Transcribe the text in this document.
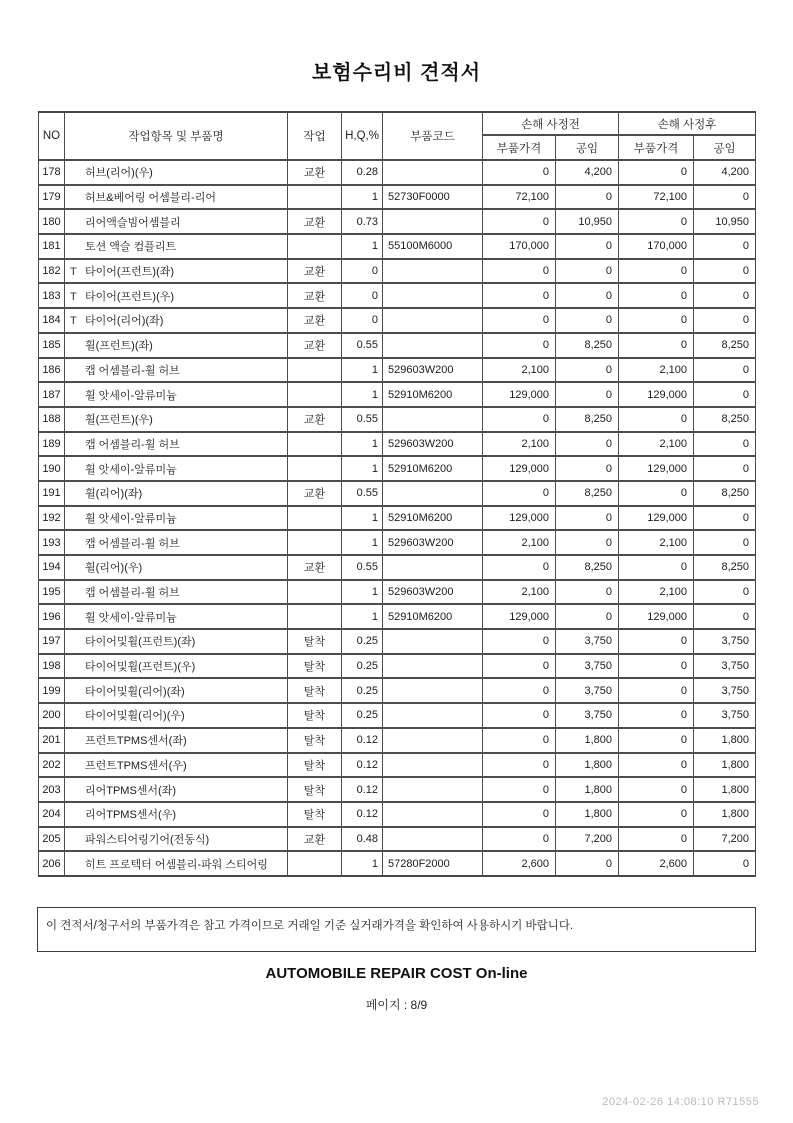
보험수리비 견적서
NO	작업항목 및 부품명	작업	H,Q,%	부품코드	손해 사정전		손해 사정후	
					부품가격	공임	부품가격	공임
178	허브(리어)(우)	교환	0.28		0	4,200	0	4,200
179	허브&베어링 어셈블리-리어		1	52730F0000	72,100	0	72,100	0
180	리어액슬빔어셈블리	교환	0.73		0	10,950	0	10,950
181	토션 액슬 컴플리트		1	55100M6000	170,000	0	170,000	0
182	T 타이어(프런트)(좌)	교환	0		0	0	0	0
183	T 타이어(프런트)(우)	교환	0		0	0	0	0
184	T 타이어(리어)(좌)	교환	0		0	0	0	0
185	휠(프런트)(좌)	교환	0.55		0	8,250	0	8,250
186	캡 어셈블리-휠 허브		1	529603W200	2,100	0	2,100	0
187	휠 앗세이-알류미늄		1	52910M6200	129,000	0	129,000	0
188	휠(프런트)(우)	교환	0.55		0	8,250	0	8,250
189	캡 어셈블리-휠 허브		1	529603W200	2,100	0	2,100	0
190	휠 앗세이-알류미늄		1	52910M6200	129,000	0	129,000	0
191	휠(리어)(좌)	교환	0.55		0	8,250	0	8,250
192	휠 앗세이-알류미늄		1	52910M6200	129,000	0	129,000	0
193	캡 어셈블리-휠 허브		1	529603W200	2,100	0	2,100	0
194	휠(리어)(우)	교환	0.55		0	8,250	0	8,250
195	캡 어셈블리-휠 허브		1	529603W200	2,100	0	2,100	0
196	휠 앗세이-알류미늄		1	52910M6200	129,000	0	129,000	0
197	타이어및휠(프런트)(좌)	탈착	0.25		0	3,750	0	3,750
198	타이어및휠(프런트)(우)	탈착	0.25		0	3,750	0	3,750
199	타이어및휠(리어)(좌)	탈착	0.25		0	3,750	0	3,750
200	타이어및휠(리어)(우)	탈착	0.25		0	3,750	0	3,750
201	프런트TPMS센서(좌)	탈착	0.12		0	1,800	0	1,800
202	프런트TPMS센서(우)	탈착	0.12		0	1,800	0	1,800
203	리어TPMS센서(좌)	탈착	0.12		0	1,800	0	1,800
204	리어TPMS센서(우)	탈착	0.12		0	1,800	0	1,800
205	파워스티어링기어(전동식)	교환	0.48		0	7,200	0	7,200
206	히트 프로텍터 어셈블리-파워 스티어링		1	57280F2000	2,600	0	2,600	0
이 견적서/청구서의 부품가격은 참고 가격이므로 거래일 기준 실거래가격을 확인하여 사용하시기 바랍니다.
AUTOMOBILE REPAIR COST On-line
페이지 : 8/9
2024-02-26 14:08:10 R71555
